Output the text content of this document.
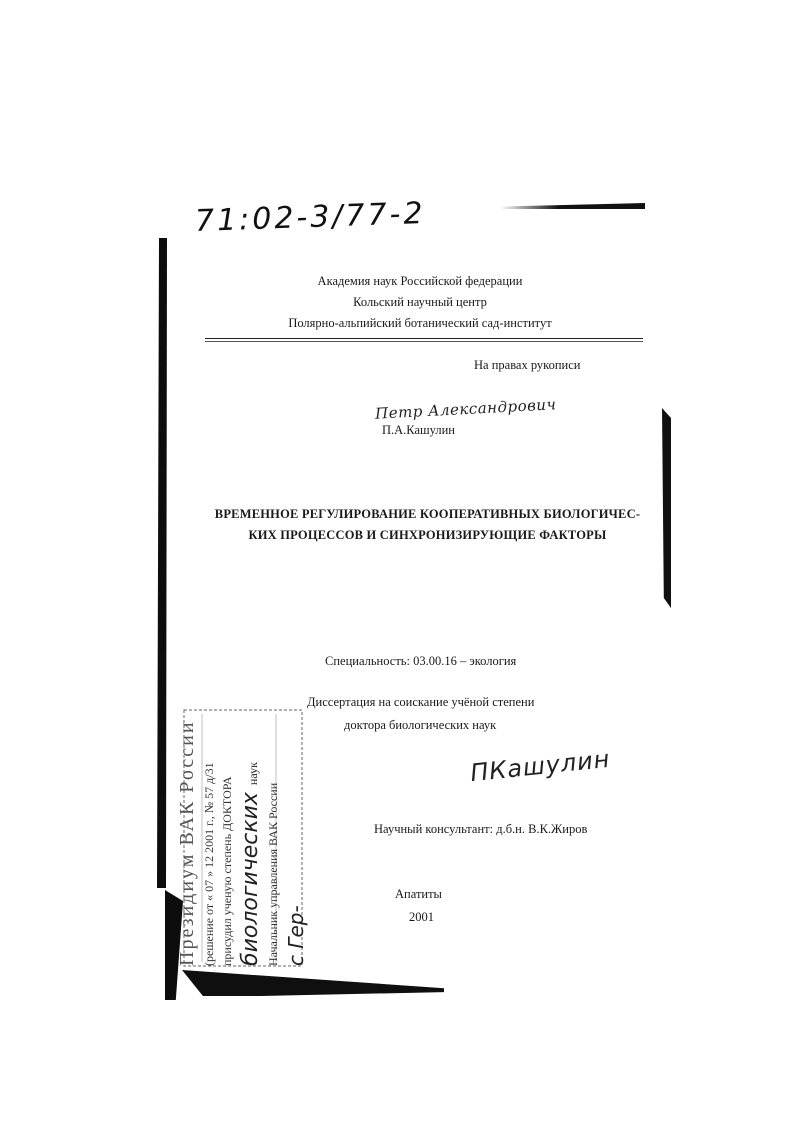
71:02-3/77-2
Академия наук Российской федерации
Кольский научный центр
Полярно-альпийский ботанический сад-институт
На правах рукописи
Петр Александрович
П.А.Кашулин
ВРЕМЕННОЕ РЕГУЛИРОВАНИЕ КООПЕРАТИВНЫХ БИОЛОГИЧЕС-
КИХ ПРОЦЕССОВ И СИНХРОНИЗИРУЮЩИЕ ФАКТОРЫ
Специальность: 03.00.16 – экология
Диссертация на соискание учёной степени
доктора биологических наук
ПКашулин
Научный консультант: д.б.н. В.К.Жиров
Апатиты
2001
Президиум ВАК России (решение от « 07 » 12 2001 г., № 57 д/31 присудил ученую степень ДОКТОРА биологических наук
Начальник управления ВАК России с Гер-
